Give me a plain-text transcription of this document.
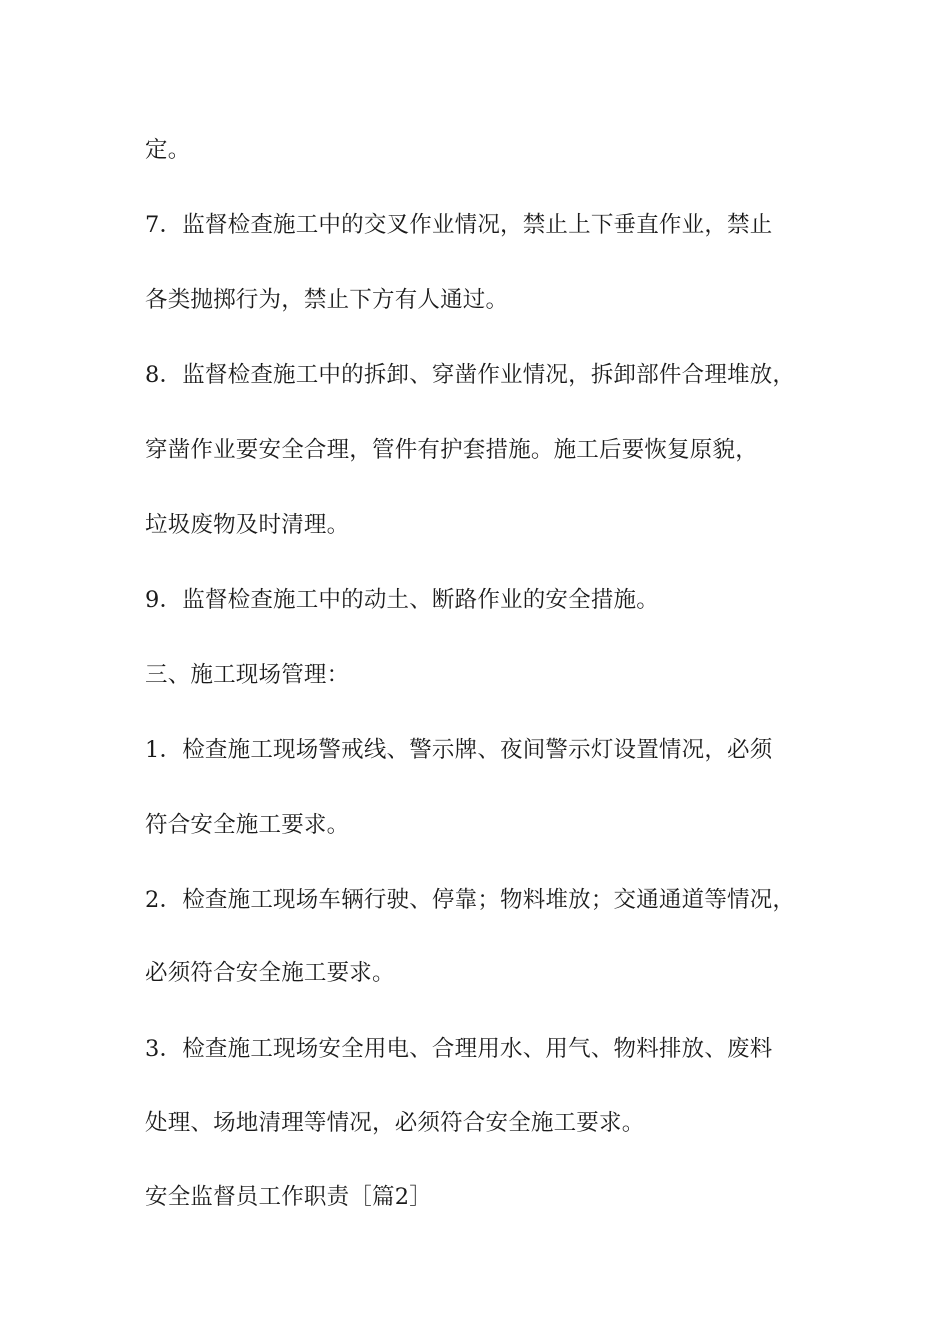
定。
7．监督检查施工中的交叉作业情况，禁止上下垂直作业，禁止
各类抛掷行为，禁止下方有人通过。
8．监督检查施工中的拆卸、穿凿作业情况，拆卸部件合理堆放，
穿凿作业要安全合理，管件有护套措施。施工后要恢复原貌，
垃圾废物及时清理。
9．监督检查施工中的动土、断路作业的安全措施。
三、施工现场管理：
1．检查施工现场警戒线、警示牌、夜间警示灯设置情况，必须
符合安全施工要求。
2．检查施工现场车辆行驶、停靠；物料堆放；交通通道等情况，
必须符合安全施工要求。
3．检查施工现场安全用电、合理用水、用气、物料排放、废料
处理、场地清理等情况，必须符合安全施工要求。
安全监督员工作职责［篇2］
